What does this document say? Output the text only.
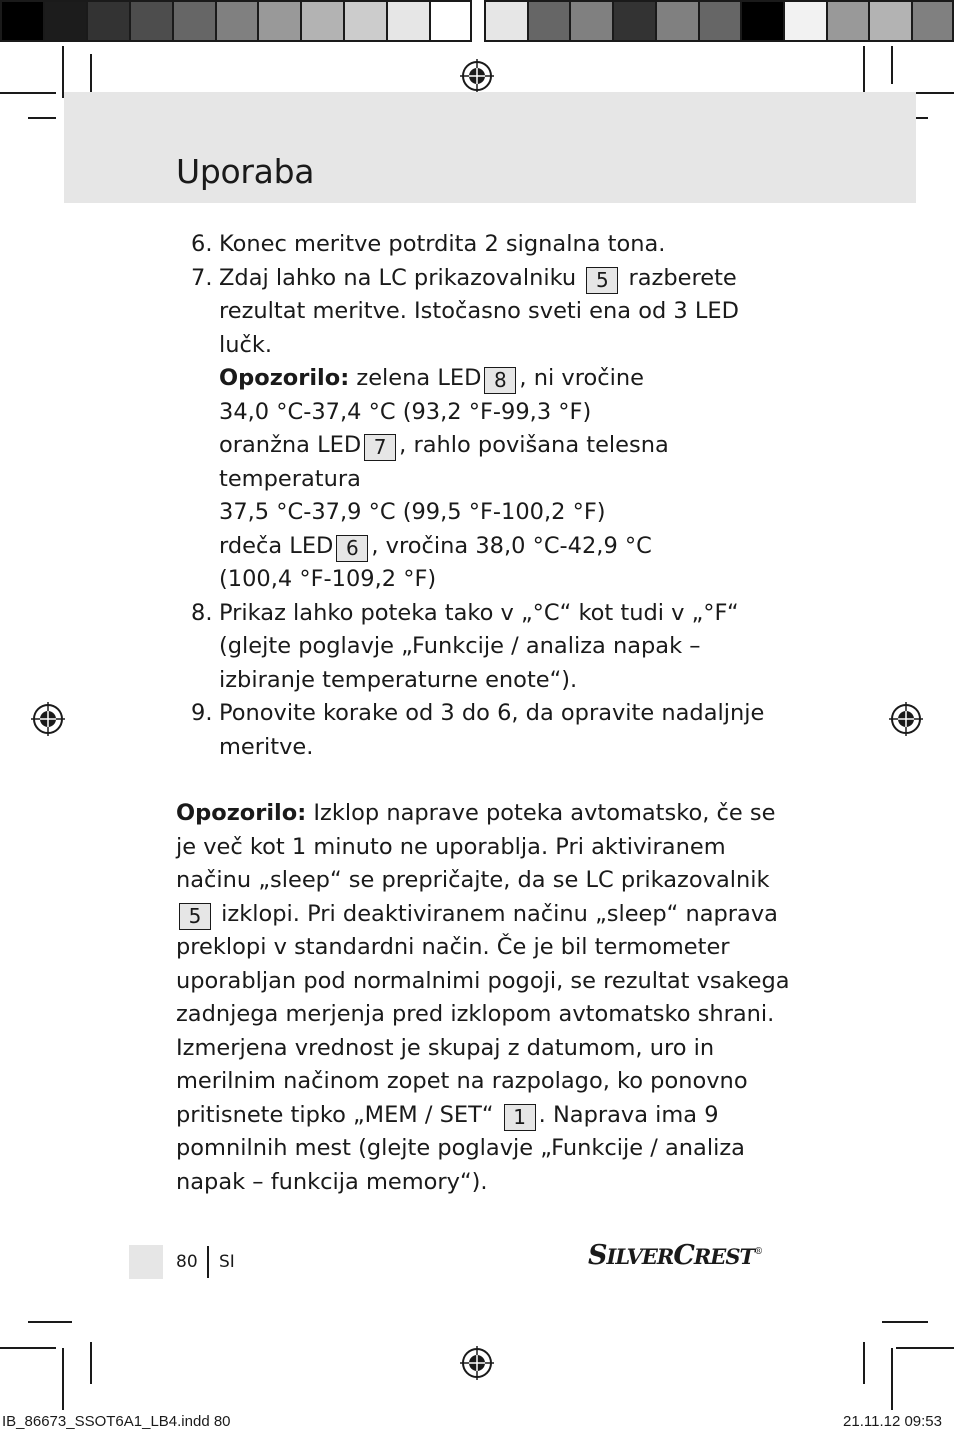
Uporaba
6. Konec meritve potrdita 2 signalna tona.
7. Zdaj lahko na LC prikazovalniku 5 razberete rezultat meritve. Istočasno sveti ena od 3 LED lučk.
Opozorilo: zelena LED 8 , ni vročine
34,0 °C-37,4 °C (93,2 °F-99,3 °F)
oranžna LED 7 , rahlo povišana telesna temperatura
37,5 °C-37,9 °C (99,5 °F-100,2 °F)
rdeča LED 6 , vročina 38,0 °C-42,9 °C
(100,4 °F-109,2 °F)
8. Prikaz lahko poteka tako v „°C“ kot tudi v „°F“ (glejte poglavje „Funkcije / analiza napak – izbiranje temperaturne enote“).
9. Ponovite korake od 3 do 6, da opravite nadaljnje meritve.

Opozorilo: Izklop naprave poteka avtomatsko, če se je več kot 1 minuto ne uporablja. Pri aktiviranem načinu „sleep“ se prepričajte, da se LC prikazovalnik 5 izklopi. Pri deaktiviranem načinu „sleep“ naprava preklopi v standardni način. Če je bil termometer uporabljan pod normalnimi pogoji, se rezultat vsakega zadnjega merjenja pred izklopom avtomatsko shrani. Izmerjena vrednost je skupaj z datumom, uro in merilnim načinom zopet na razpolago, ko ponovno pritisnete tipko „MEM / SET“ 1 . Naprava ima 9 pomnilnih mest (glejte poglavje „Funkcije / analiza napak – funkcija memory“).

80 SI	SILVERCREST®
IB_86673_SSOT6A1_LB4.indd 80	21.11.12 09:53
